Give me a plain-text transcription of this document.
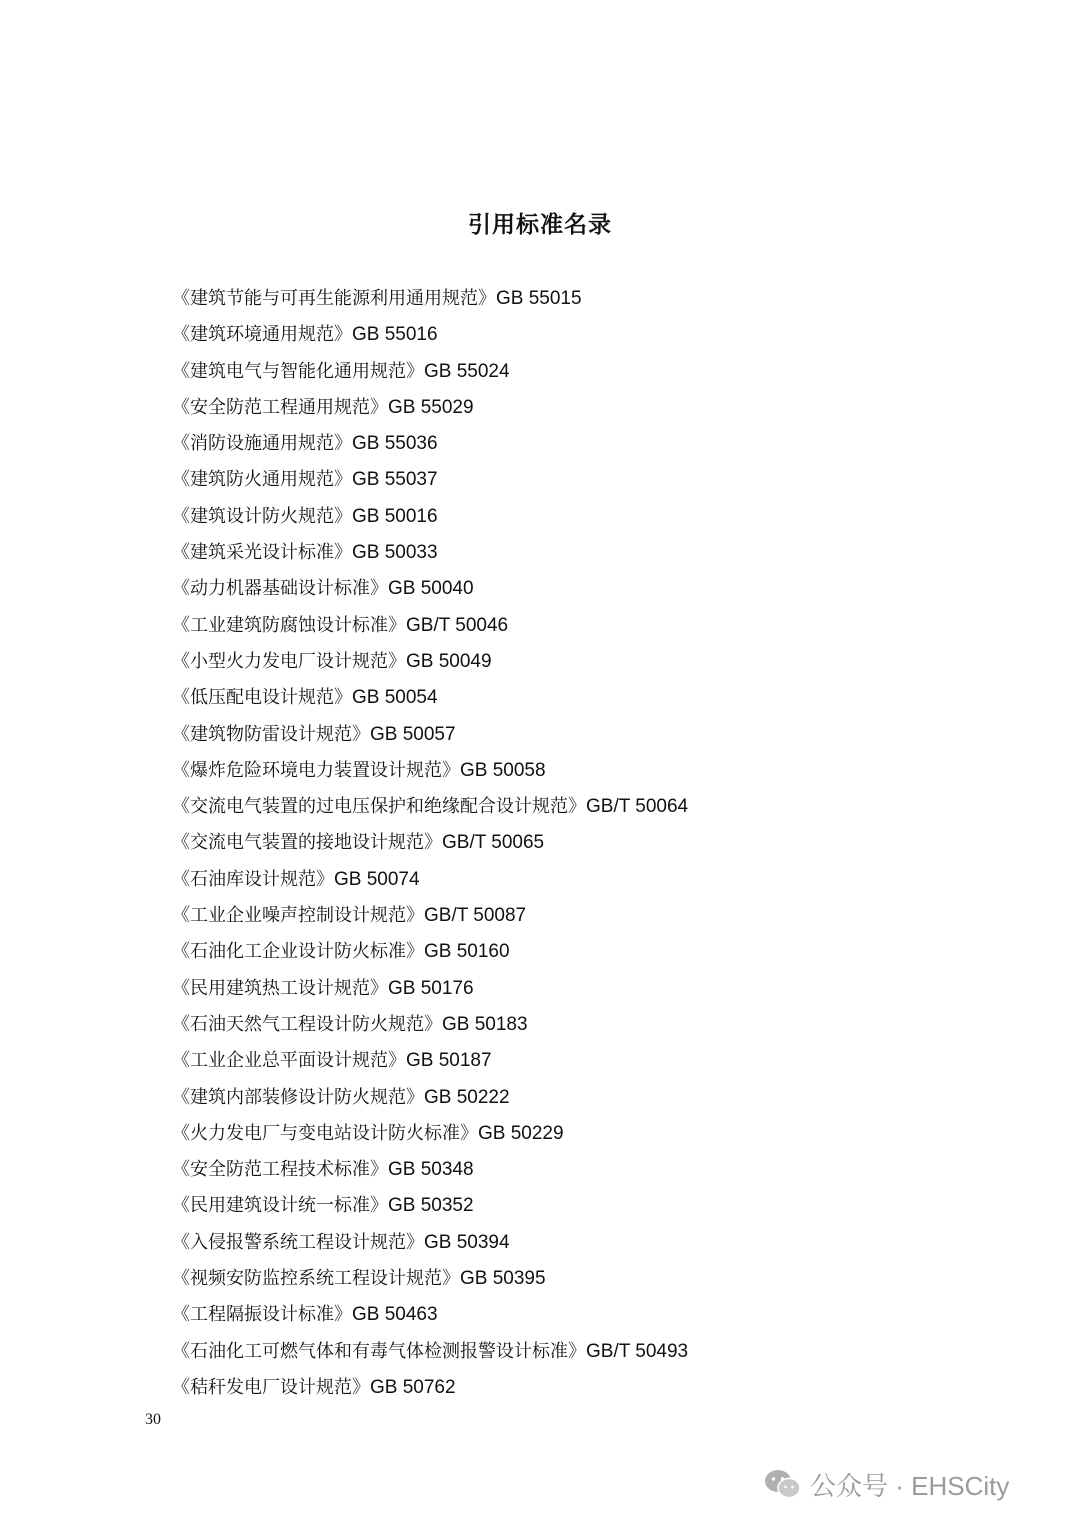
引用标准名录
《建筑节能与可再生能源利用通用规范》GB 55015
《建筑环境通用规范》GB 55016
《建筑电气与智能化通用规范》GB 55024
《安全防范工程通用规范》GB 55029
《消防设施通用规范》GB 55036
《建筑防火通用规范》GB 55037
《建筑设计防火规范》GB 50016
《建筑采光设计标准》GB 50033
《动力机器基础设计标准》GB 50040
《工业建筑防腐蚀设计标准》GB/T 50046
《小型火力发电厂设计规范》GB 50049
《低压配电设计规范》GB 50054
《建筑物防雷设计规范》GB 50057
《爆炸危险环境电力装置设计规范》GB 50058
《交流电气装置的过电压保护和绝缘配合设计规范》GB/T 50064
《交流电气装置的接地设计规范》GB/T 50065
《石油库设计规范》GB 50074
《工业企业噪声控制设计规范》GB/T 50087
《石油化工企业设计防火标准》GB 50160
《民用建筑热工设计规范》GB 50176
《石油天然气工程设计防火规范》GB 50183
《工业企业总平面设计规范》GB 50187
《建筑内部装修设计防火规范》GB 50222
《火力发电厂与变电站设计防火标准》GB 50229
《安全防范工程技术标准》GB 50348
《民用建筑设计统一标准》GB 50352
《入侵报警系统工程设计规范》GB 50394
《视频安防监控系统工程设计规范》GB 50395
《工程隔振设计标准》GB 50463
《石油化工可燃气体和有毒气体检测报警设计标准》GB/T 50493
《秸秆发电厂设计规范》GB 50762
30
公众号 · EHSCity
